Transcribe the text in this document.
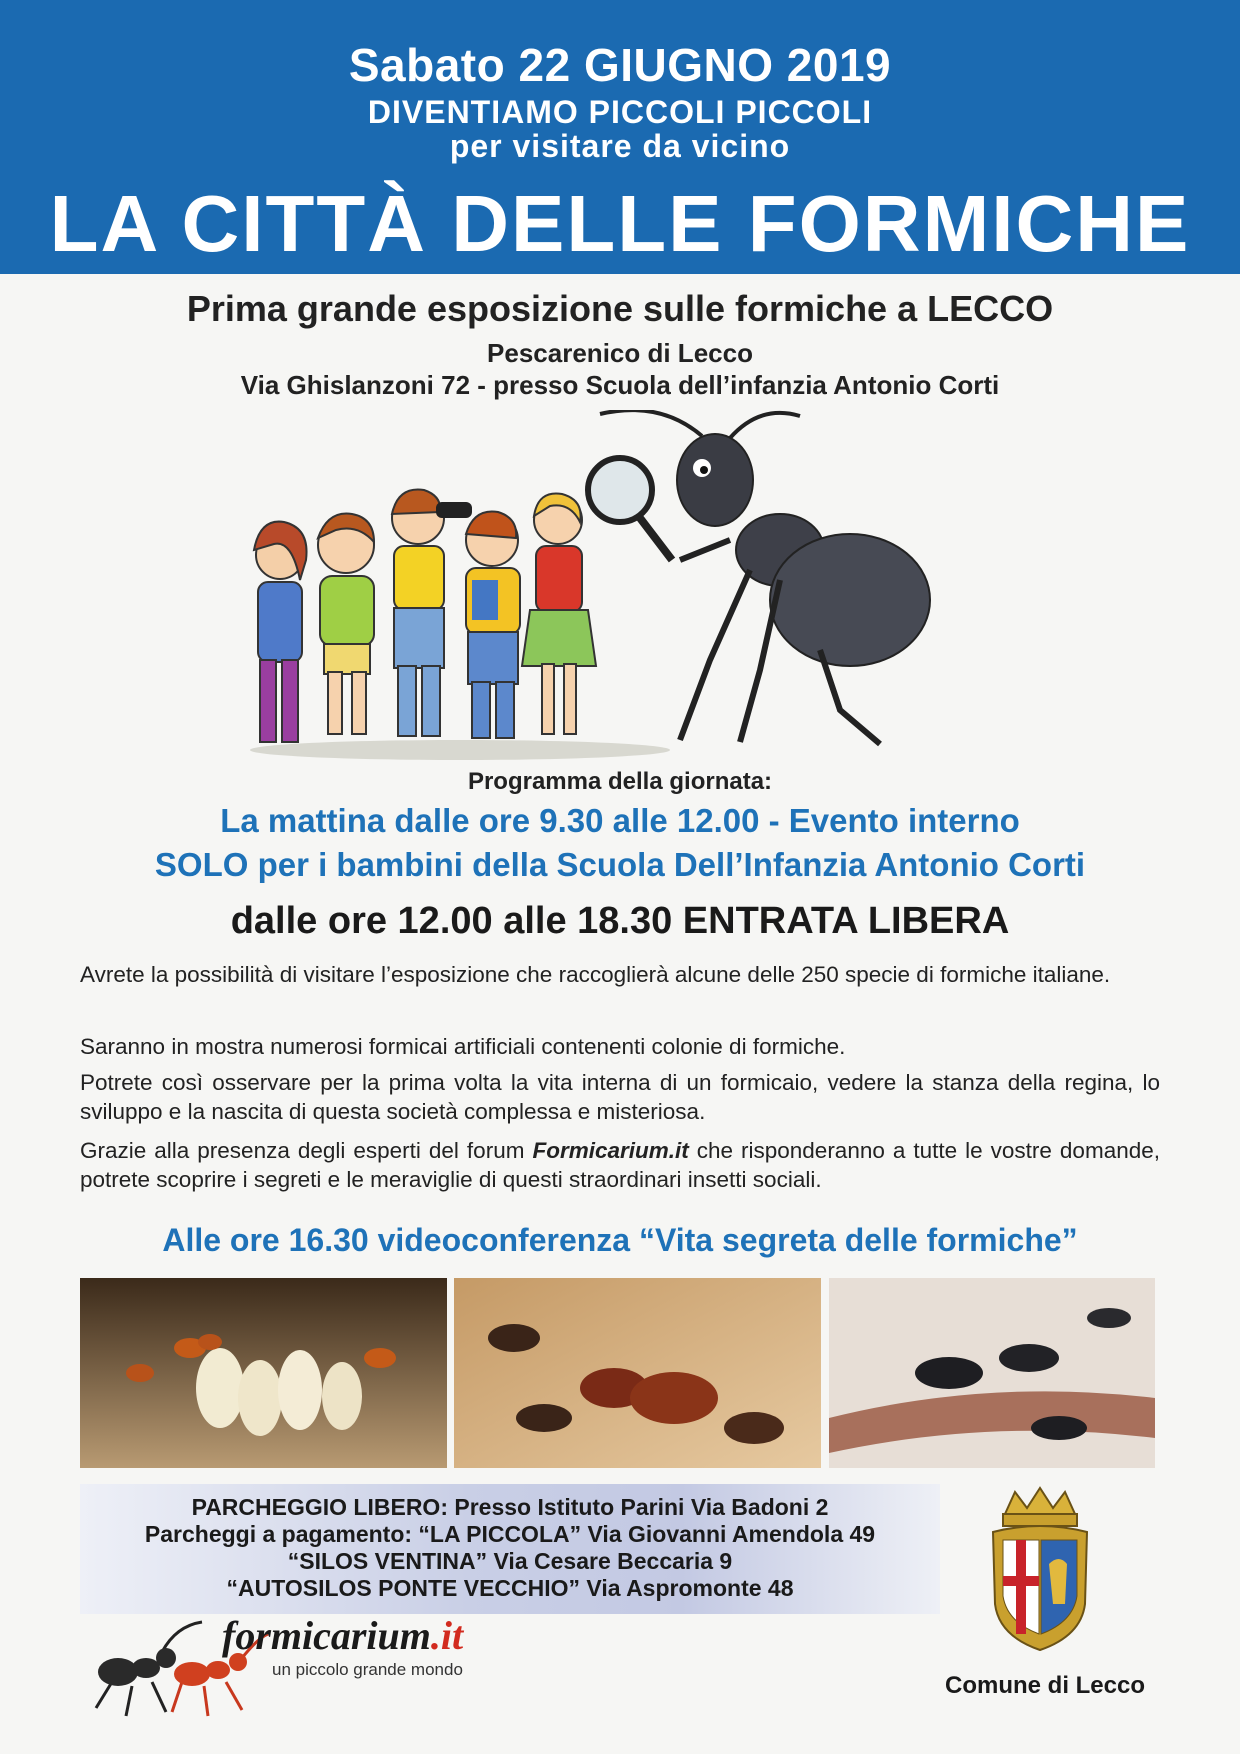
Sabato 22 GIUGNO 2019
DIVENTIAMO PICCOLI PICCOLI
per visitare da vicino
LA CITTÀ DELLE FORMICHE
Prima grande esposizione sulle formiche a LECCO
Pescarenico di Lecco
Via Ghislanzoni 72 - presso Scuola dell’infanzia Antonio Corti
Programma della giornata:
La mattina dalle ore 9.30 alle 12.00 - Evento interno
SOLO per i bambini della Scuola Dell’Infanzia Antonio Corti
dalle ore 12.00 alle 18.30 ENTRATA LIBERA
Avrete la possibilità di visitare l’esposizione che raccoglierà alcune delle 250 specie di formiche italiane.
Saranno in mostra numerosi formicai artificiali contenenti colonie di formiche.
Potrete così osservare per la prima volta la vita interna di un formicaio, vedere la stanza della regina, lo sviluppo e la nascita di questa società complessa e misteriosa.
Grazie alla presenza degli esperti del forum Formicarium.it che risponderanno a tutte le vostre domande, potrete scoprire i segreti e le meraviglie di questi straordinari insetti sociali.
Alle ore 16.30 videoconferenza “Vita segreta delle formiche”
PARCHEGGIO LIBERO: Presso Istituto Parini Via Badoni 2
Parcheggi a pagamento: “LA PICCOLA” Via Giovanni Amendola 49
“SILOS VENTINA” Via Cesare Beccaria 9
“AUTOSILOS PONTE VECCHIO” Via Aspromonte 48
formicarium.it
un piccolo grande mondo
Comune di Lecco
